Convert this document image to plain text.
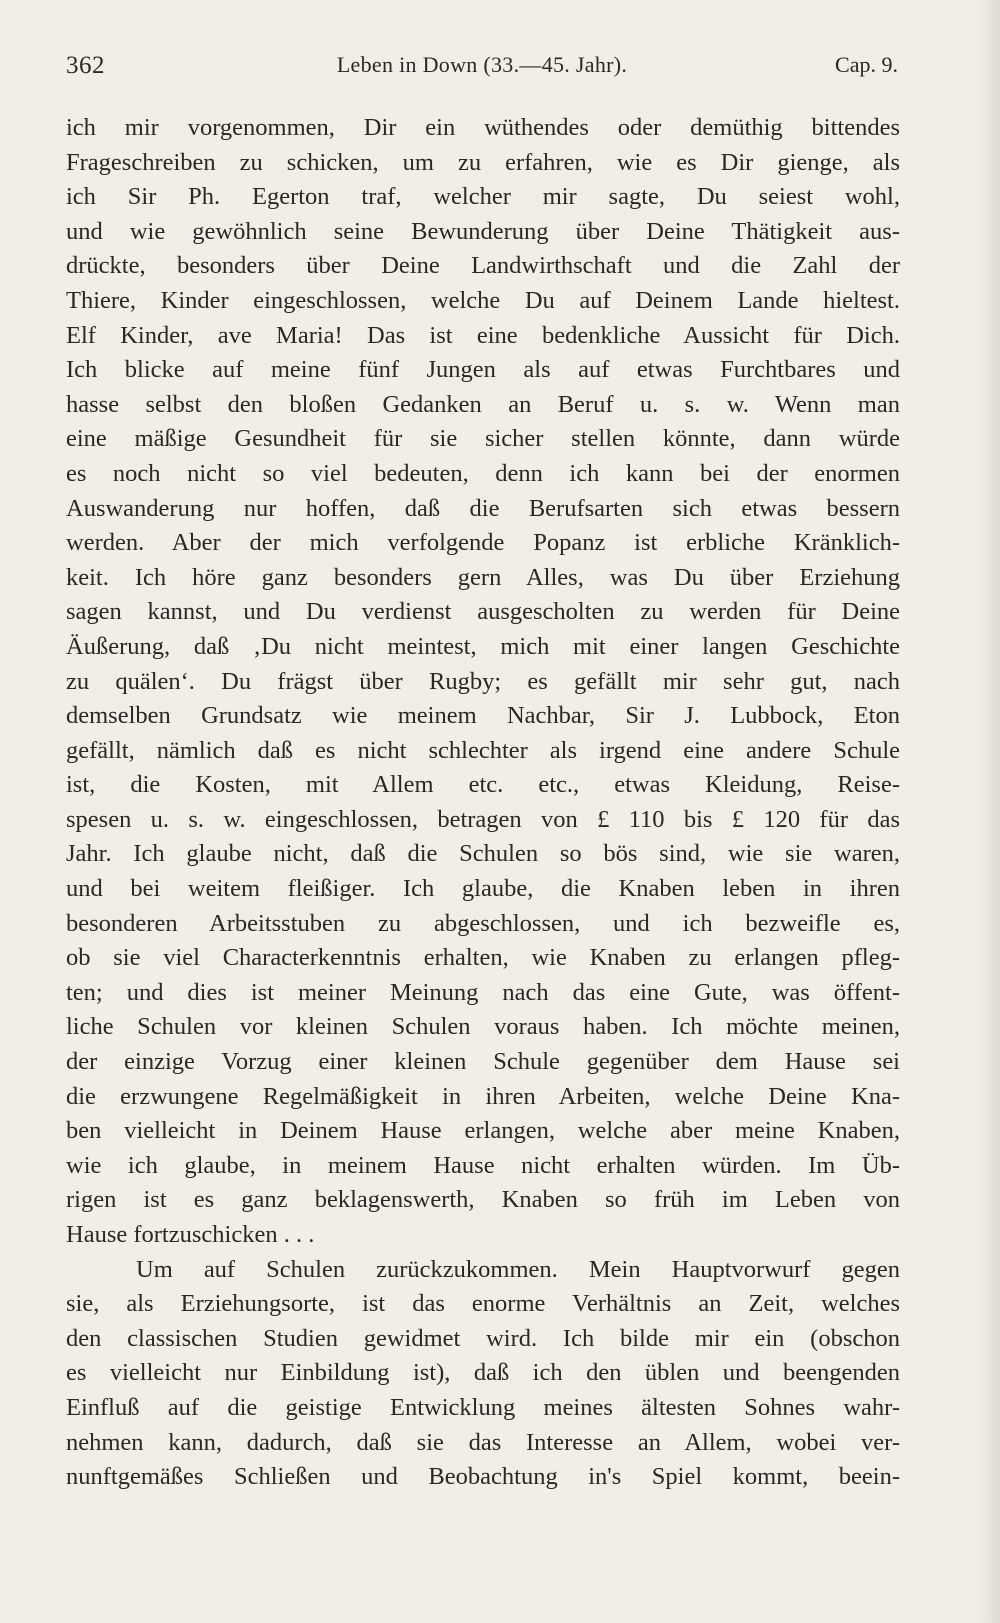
362	Leben in Down (33.—45. Jahr).	Cap. 9.
ich mir vorgenommen, Dir ein wüthendes oder demüthig bittendes
Frageschreiben zu schicken, um zu erfahren, wie es Dir gienge, als
ich Sir Ph. Egerton traf, welcher mir sagte, Du seiest wohl,
und wie gewöhnlich seine Bewunderung über Deine Thätigkeit aus-
drückte, besonders über Deine Landwirthschaft und die Zahl der
Thiere, Kinder eingeschlossen, welche Du auf Deinem Lande hieltest.
Elf Kinder, ave Maria! Das ist eine bedenkliche Aussicht für Dich.
Ich blicke auf meine fünf Jungen als auf etwas Furchtbares und
hasse selbst den bloßen Gedanken an Beruf u. s. w. Wenn man
eine mäßige Gesundheit für sie sicher stellen könnte, dann würde
es noch nicht so viel bedeuten, denn ich kann bei der enormen
Auswanderung nur hoffen, daß die Berufsarten sich etwas bessern
werden. Aber der mich verfolgende Popanz ist erbliche Kränklich-
keit. Ich höre ganz besonders gern Alles, was Du über Erziehung
sagen kannst, und Du verdienst ausgescholten zu werden für Deine
Äußerung, daß ‚Du nicht meintest, mich mit einer langen Geschichte
zu quälen‘. Du frägst über Rugby; es gefällt mir sehr gut, nach
demselben Grundsatz wie meinem Nachbar, Sir J. Lubbock, Eton
gefällt, nämlich daß es nicht schlechter als irgend eine andere Schule
ist, die Kosten, mit Allem etc. etc., etwas Kleidung, Reise-
spesen u. s. w. eingeschlossen, betragen von £ 110 bis £ 120 für das
Jahr. Ich glaube nicht, daß die Schulen so bös sind, wie sie waren,
und bei weitem fleißiger. Ich glaube, die Knaben leben in ihren
besonderen Arbeitsstuben zu abgeschlossen, und ich bezweifle es,
ob sie viel Characterkenntnis erhalten, wie Knaben zu erlangen pfleg-
ten; und dies ist meiner Meinung nach das eine Gute, was öffent-
liche Schulen vor kleinen Schulen voraus haben. Ich möchte meinen,
der einzige Vorzug einer kleinen Schule gegenüber dem Hause sei
die erzwungene Regelmäßigkeit in ihren Arbeiten, welche Deine Kna-
ben vielleicht in Deinem Hause erlangen, welche aber meine Knaben,
wie ich glaube, in meinem Hause nicht erhalten würden. Im Üb-
rigen ist es ganz beklagenswerth, Knaben so früh im Leben von
Hause fortzuschicken . . .
Um auf Schulen zurückzukommen. Mein Hauptvorwurf gegen
sie, als Erziehungsorte, ist das enorme Verhältnis an Zeit, welches
den classischen Studien gewidmet wird. Ich bilde mir ein (obschon
es vielleicht nur Einbildung ist), daß ich den üblen und beengenden
Einfluß auf die geistige Entwicklung meines ältesten Sohnes wahr-
nehmen kann, dadurch, daß sie das Interesse an Allem, wobei ver-
nunftgemäßes Schließen und Beobachtung in's Spiel kommt, beein-
